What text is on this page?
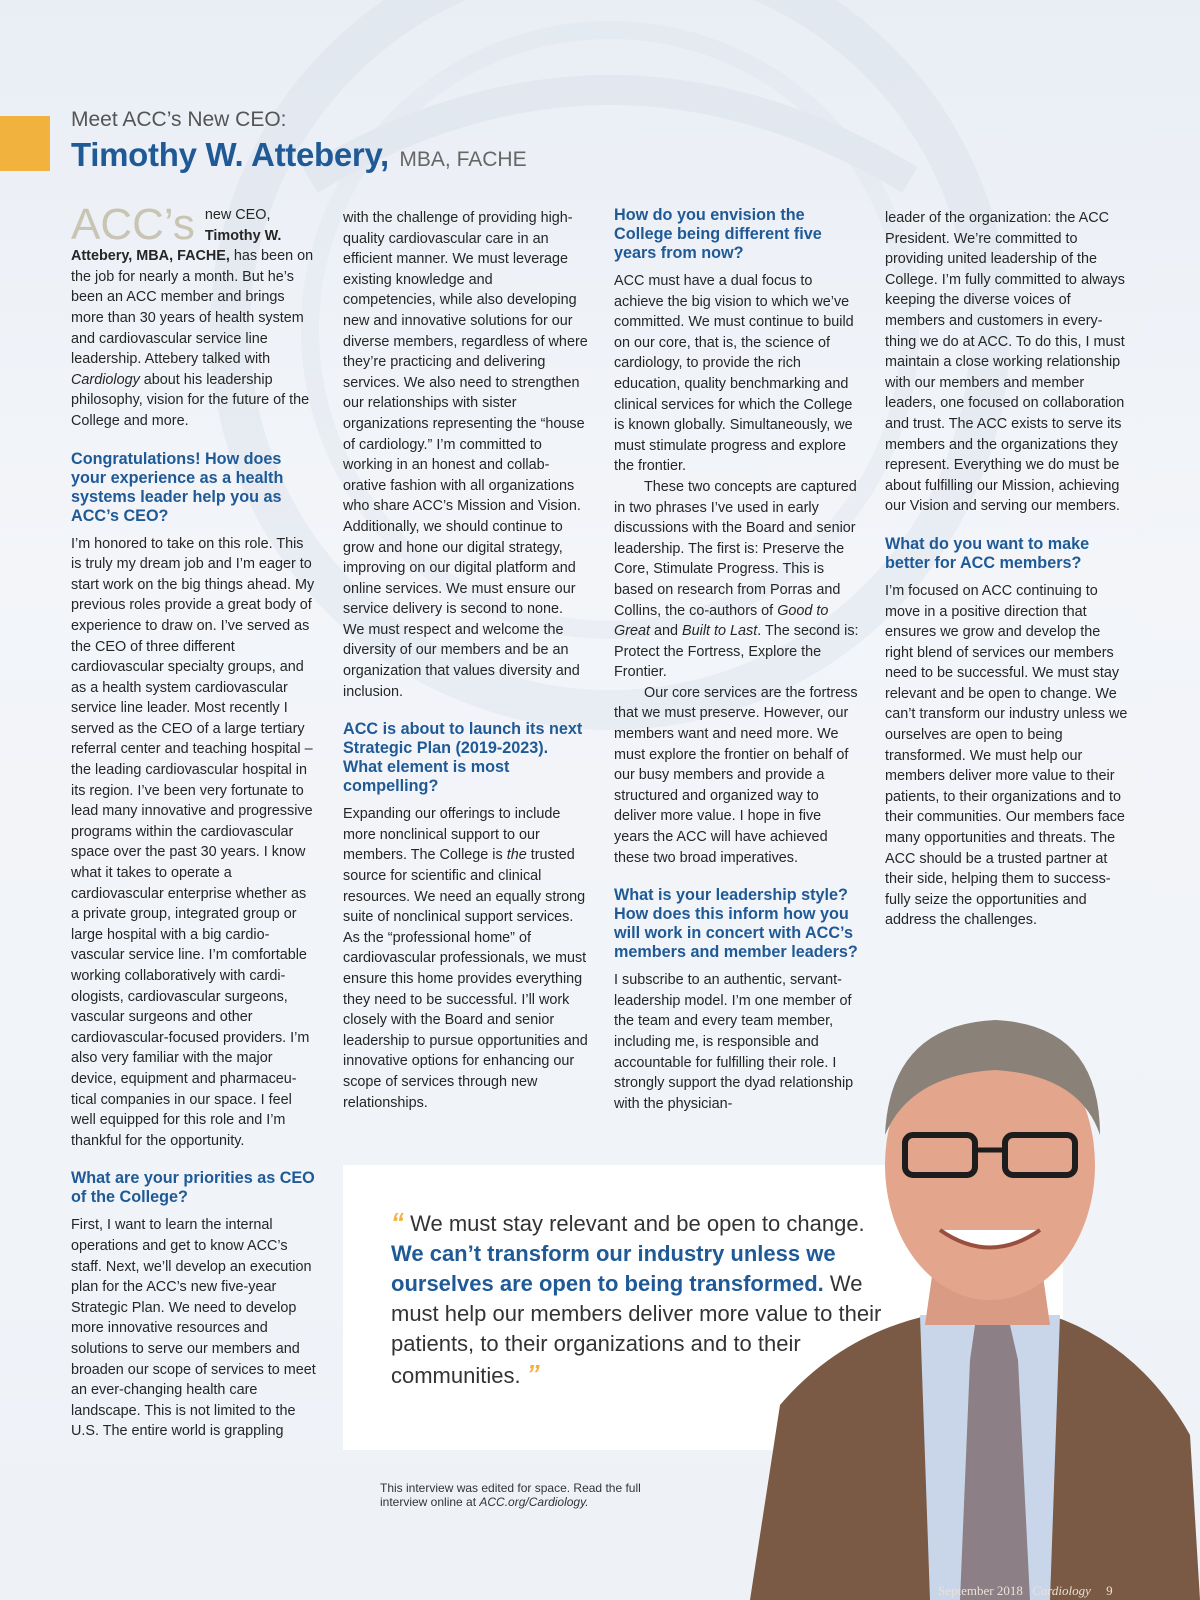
Meet ACC’s New CEO:
Timothy W. Attebery, MBA, FACHE

ACC’s new CEO, Timothy W. Attebery, MBA, FACHE, has been on the job for nearly a month. But he’s been an ACC member and brings more than 30 years of health system and cardiovascular service line leadership. Attebery talked with Cardiology about his leadership philosophy, vision for the future of the College and more.

Congratulations! How does your experience as a health systems leader help you as ACC’s CEO?

I’m honored to take on this role. This is truly my dream job and I’m eager to start work on the big things ahead. My previous roles provide a great body of experience to draw on. I’ve served as the CEO of three different cardiovascular specialty groups, and as a health system cardiovascular service line leader. Most recently I served as the CEO of a large tertiary referral center and teaching hospital – the leading cardiovascular hospital in its region. I’ve been very fortunate to lead many innovative and progressive programs within the cardiovascular space over the past 30 years. I know what it takes to operate a cardiovascular enterprise whether as a private group, integrated group or large hospital with a big cardio-vascular service line. I’m comfortable working collaboratively with cardi-ologists, cardiovascular surgeons, vascular surgeons and other cardiovascular-focused providers. I’m also very familiar with the major device, equipment and pharmaceu-tical companies in our space. I feel well equipped for this role and I’m thankful for the opportunity.

What are your priorities as CEO of the College?

First, I want to learn the internal operations and get to know ACC’s staff. Next, we’ll develop an execution plan for the ACC’s new five-year Strategic Plan. We need to develop more innovative resources and solutions to serve our members and broaden our scope of services to meet an ever-changing health care landscape. This is not limited to the U.S. The entire world is grappling

with the challenge of providing high-quality cardiovascular care in an efficient manner. We must leverage existing knowledge and competencies, while also developing new and innovative solutions for our diverse members, regardless of where they’re practicing and delivering services. We also need to strengthen our relationships with sister organizations representing the “house of cardiology.” I’m committed to working in an honest and collab-orative fashion with all organizations who share ACC’s Mission and Vision. Additionally, we should continue to grow and hone our digital strategy, improving on our digital platform and online services. We must ensure our service delivery is second to none. We must respect and welcome the diversity of our members and be an organization that values diversity and inclusion.

ACC is about to launch its next Strategic Plan (2019-2023). What element is most compelling?

Expanding our offerings to include more nonclinical support to our members. The College is the trusted source for scientific and clinical resources. We need an equally strong suite of nonclinical support services. As the “professional home” of cardiovascular professionals, we must ensure this home provides everything they need to be successful. I’ll work closely with the Board and senior leadership to pursue opportunities and innovative options for enhancing our scope of services through new relationships.

How do you envision the College being different five years from now?

ACC must have a dual focus to achieve the big vision to which we’ve committed. We must continue to build on our core, that is, the science of cardiology, to provide the rich education, quality benchmarking and clinical services for which the College is known globally. Simultaneously, we must stimulate progress and explore the frontier.

These two concepts are captured in two phrases I’ve used in early discussions with the Board and senior leadership. The first is: Preserve the Core, Stimulate Progress. This is based on research from Porras and Collins, the co-authors of Good to Great and Built to Last. The second is: Protect the Fortress, Explore the Frontier.

Our core services are the fortress that we must preserve. However, our members want and need more. We must explore the frontier on behalf of our busy members and provide a structured and organized way to deliver more value. I hope in five years the ACC will have achieved these two broad imperatives.

What is your leadership style? How does this inform how you will work in concert with ACC’s members and member leaders?

I subscribe to an authentic, servant-leadership model. I’m one member of the team and every team member, including me, is responsible and accountable for fulfilling their role. I strongly support the dyad relationship with the physician-

leader of the organization: the ACC President. We’re committed to providing united leadership of the College. I’m fully committed to always keeping the diverse voices of members and customers in every-thing we do at ACC. To do this, I must maintain a close working relationship with our members and member leaders, one focused on collaboration and trust. The ACC exists to serve its members and the organizations they represent. Everything we do must be about fulfilling our Mission, achieving our Vision and serving our members.

What do you want to make better for ACC members?

I’m focused on ACC continuing to move in a positive direction that ensures we grow and develop the right blend of services our members need to be successful. We must stay relevant and be open to change. We can’t transform our industry unless we ourselves are open to being transformed. We must help our members deliver more value to their patients, to their organizations and to their communities. Our members face many opportunities and threats. The ACC should be a trusted partner at their side, helping them to success-fully seize the opportunities and address the challenges.

“ We must stay relevant and be open to change. We can’t transform our industry unless we ourselves are open to being transformed. We must help our members deliver more value to their patients, to their organizations and to their communities. ”
This interview was edited for space. Read the full interview online at ACC.org/Cardiology.
September 2018 Cardiology 9
